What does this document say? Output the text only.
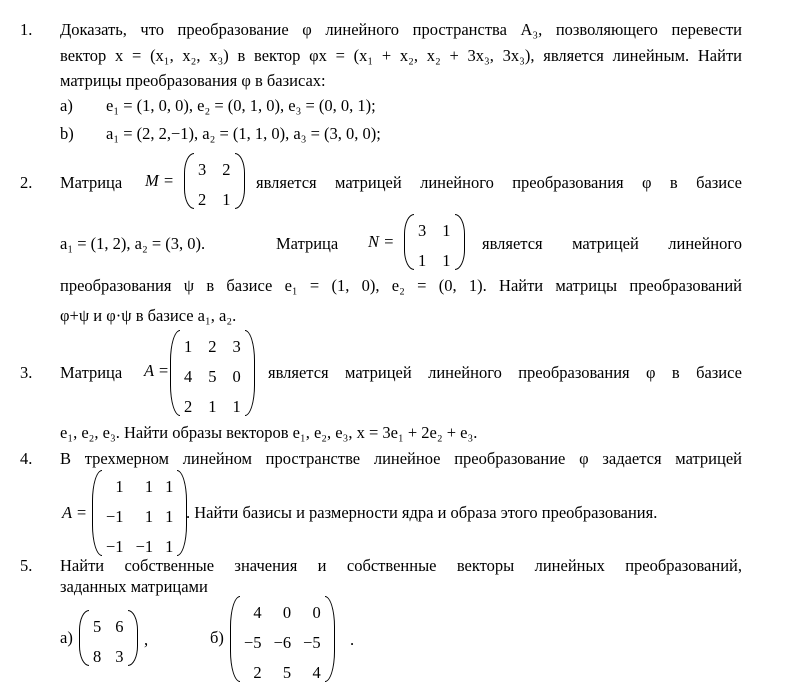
1. Доказать, что преобразование φ линейного пространства A₃, позволяющего перевести
вектор x = (x₁, x₂, x₃) в вектор φx = (x₁ + x₂, x₂ + 3x₃, 3x₃), является линейным. Найти
матрицы преобразования φ в базисах:
а) e₁ = (1, 0, 0), e₂ = (0, 1, 0), e₃ = (0, 0, 1);
b) a₁ = (2, 2,−1), a₂ = (1, 1, 0), a₃ = (3, 0, 0);
2. Матрица M =
3 2
2 1
является матрицей линейного преобразования φ в базисе
a₁ = (1, 2), a₂ = (3, 0).	Матрица N =
3 1
1 1
является матрицей линейного
преобразования ψ в базисе e₁ = (1, 0), e₂ = (0, 1). Найти матрицы преобразований
φ+ψ и φ·ψ в базисе a₁, a₂.
3. Матрица A =
1 2 3
4 5 0
2 1 1
является матрицей линейного преобразования φ в базисе
e₁, e₂, e₃. Найти образы векторов e₁, e₂, e₃, x = 3e₁ + 2e₂ + e₃.
4. В трехмерном линейном пространстве линейное преобразование φ задается матрицей
A =
1 1 1
−1 1 1
−1 −1 1
. Найти базисы и размерности ядра и образа этого преобразования.
5. Найти собственные значения и собственные векторы линейных преобразований,
заданных матрицами
а)
5 6
8 3
,	б)
4 0 0
−5 −6 −5
2 5 4
.
